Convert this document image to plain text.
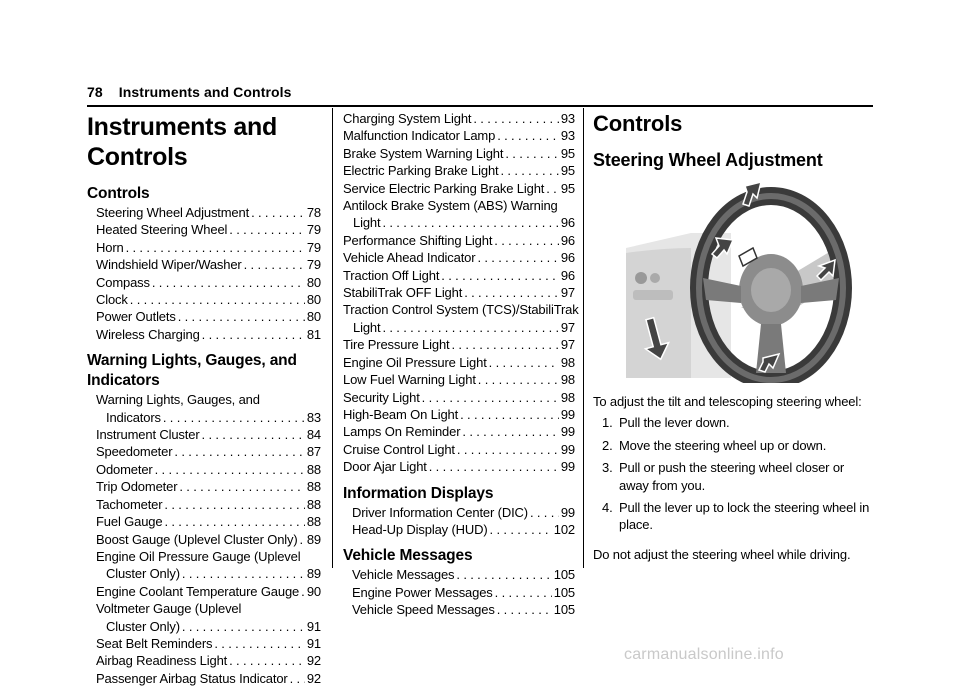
78 Instruments and Controls
Instruments and Controls
Controls
Steering Wheel Adjustment . . .	78
Heated Steering Wheel . . .	79
Horn . . .	79
Windshield Wiper/Washer . . .	79
Compass . . .	80
Clock . . .	80
Power Outlets . . .	80
Wireless Charging . . .	81
Warning Lights, Gauges, and Indicators
Warning Lights, Gauges, and
Indicators . . .	83
Instrument Cluster . . .	84
Speedometer . . .	87
Odometer . . .	88
Trip Odometer . . .	88
Tachometer . . .	88
Fuel Gauge . . .	88
Boost Gauge (Uplevel Cluster Only) . . . 89
Engine Oil Pressure Gauge (Uplevel
Cluster Only) . . .	89
Engine Coolant Temperature Gauge . . . 90
Voltmeter Gauge (Uplevel
Cluster Only) . . .	91
Seat Belt Reminders . . .	91
Airbag Readiness Light . . .	92
Passenger Airbag Status Indicator . . . 92
Charging System Light . . .	93
Malfunction Indicator Lamp . . .	93
Brake System Warning Light . . .	95
Electric Parking Brake Light . . .	95
Service Electric Parking Brake Light . . . 95
Antilock Brake System (ABS) Warning
Light . . .	96
Performance Shifting Light . . .	96
Vehicle Ahead Indicator . . .	96
Traction Off Light . . .	96
StabiliTrak OFF Light . . .	97
Traction Control System (TCS)/StabiliTrak
Light . . .	97
Tire Pressure Light . . .	97
Engine Oil Pressure Light . . .	98
Low Fuel Warning Light . . .	98
Security Light . . .	98
High-Beam On Light . . .	99
Lamps On Reminder . . .	99
Cruise Control Light . . .	99
Door Ajar Light . . .	99
Information Displays
Driver Information Center (DIC) . . .	99
Head-Up Display (HUD) . . .	102
Vehicle Messages
Vehicle Messages . . .	105
Engine Power Messages . . .	105
Vehicle Speed Messages . . .	105
Controls
Steering Wheel Adjustment

To adjust the tilt and telescoping steering wheel:

1. Pull the lever down.
2. Move the steering wheel up or down.
3. Pull or push the steering wheel closer or away from you.
4. Pull the lever up to lock the steering wheel in place.

Do not adjust the steering wheel while driving.

carmanualsonline.info
